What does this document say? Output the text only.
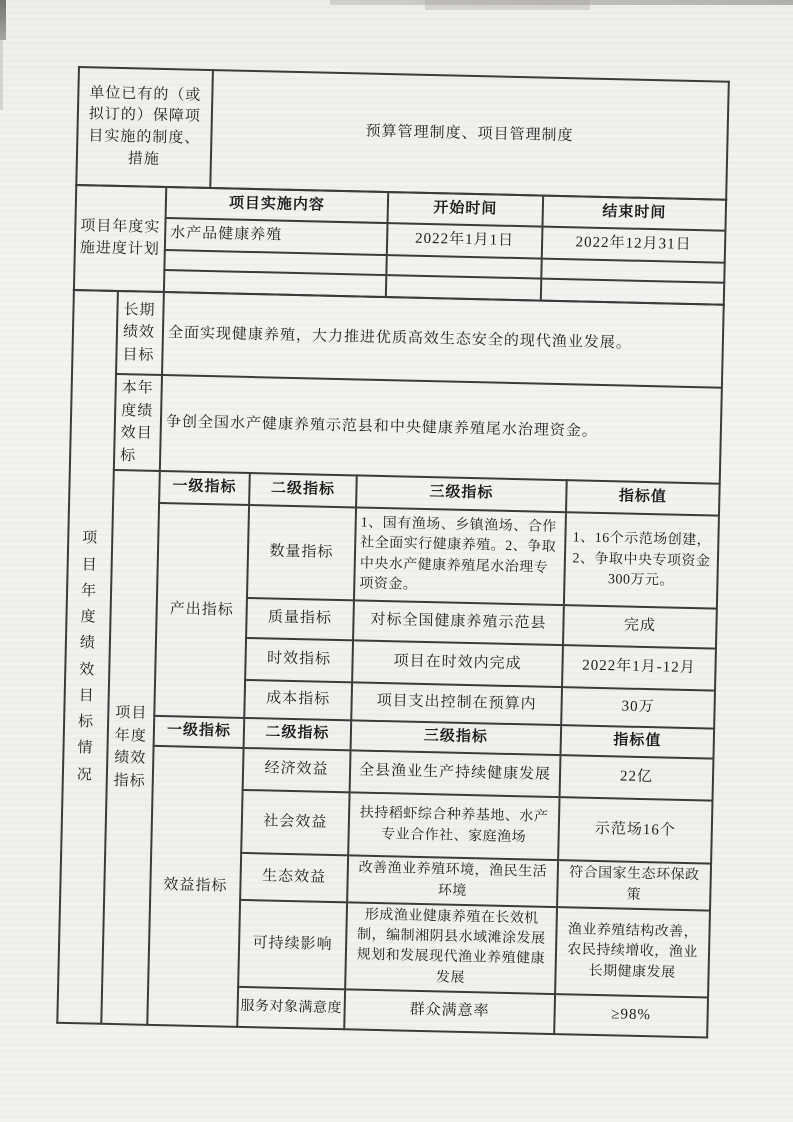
单位已有的（或拟订的）保障项目实施的制度、措施	预算管理制度、项目管理制度
项目年度实施进度计划	项目实施内容	开始时间	结束时间
	水产品健康养殖	2022年1月1日	2022年12月31日

项目年度绩效目标情况	长期绩效目标	全面实现健康养殖，大力推进优质高效生态安全的现代渔业发展。			
	本年度绩效目标	争创全国水产健康养殖示范县和中央健康养殖尾水治理资金。			
	项目年度绩效指标	一级指标	二级指标	三级指标	指标值
		产出指标	数量指标	1、国有渔场、乡镇渔场、合作社全面实行健康养殖。2、争取中央水产健康养殖尾水治理专项资金。	1、16个示范场创建，2、争取中央专项资金300万元。
			质量指标	对标全国健康养殖示范县	完成
			时效指标	项目在时效内完成	2022年1月-12月
			成本指标	项目支出控制在预算内	30万
		一级指标	二级指标	三级指标	指标值
		效益指标	经济效益	全县渔业生产持续健康发展	22亿
			社会效益	扶持稻虾综合种养基地、水产专业合作社、家庭渔场	示范场16个
			生态效益	改善渔业养殖环境，渔民生活环境	符合国家生态环保政策
			可持续影响	形成渔业健康养殖在长效机制，编制湘阴县水域滩涂发展规划和发展现代渔业养殖健康发展	渔业养殖结构改善，农民持续增收，渔业长期健康发展
			服务对象满意度	群众满意率	≥98%
